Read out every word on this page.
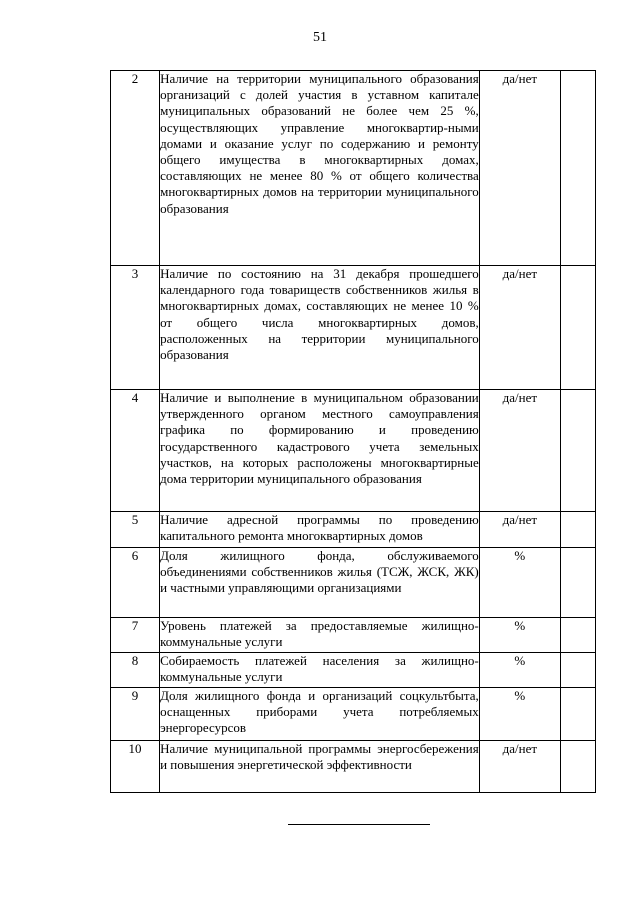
51
2	Наличие на территории муниципального образования организаций с долей участия в уставном капитале муниципальных образований не более чем 25 %, осуществляющих управление многоквартир-ными домами и оказание услуг по содержанию и ремонту общего имущества в многоквартирных домах, составляющих не менее 80 % от общего количества многоквартирных домов на территории муниципального образования	да/нет	
3	Наличие по состоянию на 31 декабря прошедшего календарного года товариществ собственников жилья в многоквартирных домах, составляющих не менее 10 % от общего числа многоквартирных домов, расположенных на территории муниципального образования	да/нет	
4	Наличие и выполнение в муниципальном образовании утвержденного органом местного самоуправления графика по формированию и проведению государственного кадастрового учета земельных участков, на которых расположены многоквартирные дома территории муниципального образования	да/нет	
5	Наличие адресной программы по проведению капитального ремонта многоквартирных домов	да/нет	
6	Доля жилищного фонда, обслуживаемого объединениями собственников жилья (ТСЖ, ЖСК, ЖК) и частными управляющими организациями	%	
7	Уровень платежей за предоставляемые жилищно-коммунальные услуги	%	
8	Собираемость платежей населения за жилищно-коммунальные услуги	%	
9	Доля жилищного фонда и организаций соцкультбыта, оснащенных приборами учета потребляемых энергоресурсов	%	
10	Наличие муниципальной программы энергосбережения и повышения энергетической эффективности	да/нет	
